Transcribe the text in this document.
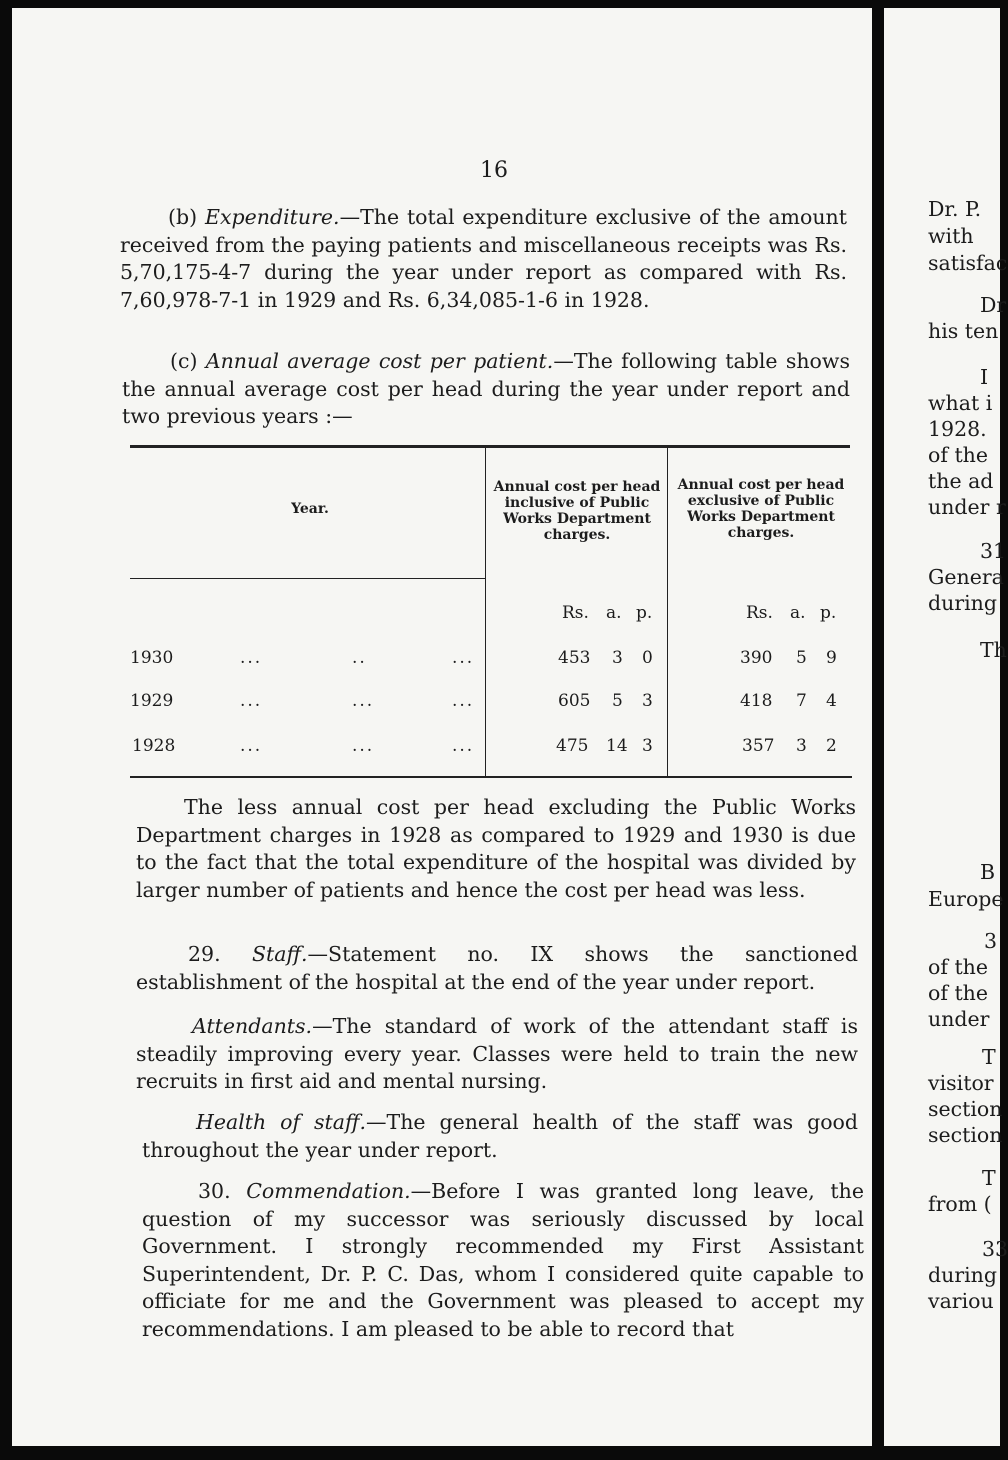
16

(b) Expenditure.—The total expenditure exclusive of the amount received from the paying patients and miscellaneous receipts was Rs. 5,70,175-4-7 during the year under report as compared with Rs. 7,60,978-7-1 in 1929 and Rs. 6,34,085-1-6 in 1928.

(c) Annual average cost per patient.—The following table shows the annual average cost per head during the year under report and two previous years :—

Year.
Annual cost per head inclusive of Public Works Department charges.
Annual cost per head exclusive of Public Works Department charges.
Rs. a. p.	Rs. a. p.
1930	...	..	...	453 3 0	390 5 9
1929	...	...	...	605 5 3	418 7 4
1928	...	...	...	475 14 3	357 3 2

The less annual cost per head excluding the Public Works Department charges in 1928 as compared to 1929 and 1930 is due to the fact that the total expenditure of the hospital was divided by larger number of patients and hence the cost per head was less.

29. Staff.—Statement no. IX shows the sanctioned establishment of the hospital at the end of the year under report.

Attendants.—The standard of work of the attendant staff is steadily improving every year. Classes were held to train the new recruits in first aid and mental nursing.

Health of staff.—The general health of the staff was good throughout the year under report.

30. Commendation.—Before I was granted long leave, the question of my successor was seriously discussed by local Government. I strongly recommended my First Assistant Superintendent, Dr. P. C. Das, whom I considered quite capable to officiate for me and the Government was pleased to accept my recommendations. I am pleased to be able to record that

Dr. P.
with
satisfac
Dr
his ten
I
what i
1928.
of the
the ad
under r
31
Genera
during
Th
B
Europe
3
of the
of the
under
T
visitor
section
section
T
from (
33
during
variou
